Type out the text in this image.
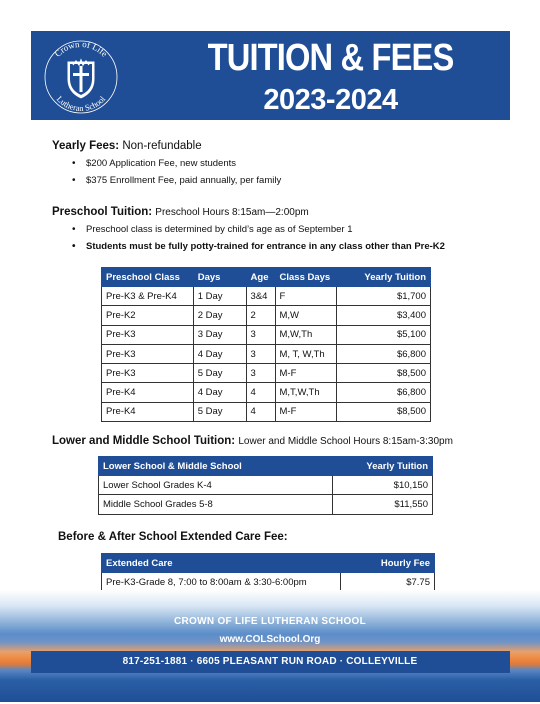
Crown of Life
Lutheran School
TUITION & FEES
2023-2024
Yearly Fees: Non-refundable
• $200 Application Fee, new students
• $375 Enrollment Fee, paid annually, per family
Preschool Tuition: Preschool Hours 8:15am—2:00pm
• Preschool class is determined by child’s age as of September 1
• Students must be fully potty-trained for entrance in any class other than Pre-K2
Preschool Class	Days	Age	Class Days	Yearly Tuition
Pre-K3 & Pre-K4	1 Day	3&4	F	$1,700
Pre-K2	2 Day	2	M,W	$3,400
Pre-K3	3 Day	3	M,W,Th	$5,100
Pre-K3	4 Day	3	M, T, W,Th	$6,800
Pre-K3	5 Day	3	M-F	$8,500
Pre-K4	4 Day	4	M,T,W,Th	$6,800
Pre-K4	5 Day	4	M-F	$8,500
Lower and Middle School Tuition: Lower and Middle School Hours 8:15am-3:30pm
Lower School & Middle School	Yearly Tuition
Lower School Grades K-4	$10,150
Middle School Grades 5-8	$11,550
Before & After School Extended Care Fee:
Extended Care	Hourly Fee
Pre-K3-Grade 8, 7:00 to 8:00am & 3:30-6:00pm	$7.75
CROWN OF LIFE LUTHERAN SCHOOL
www.COLSchool.Org
817-251-1881 · 6605 PLEASANT RUN ROAD · COLLEYVILLE
